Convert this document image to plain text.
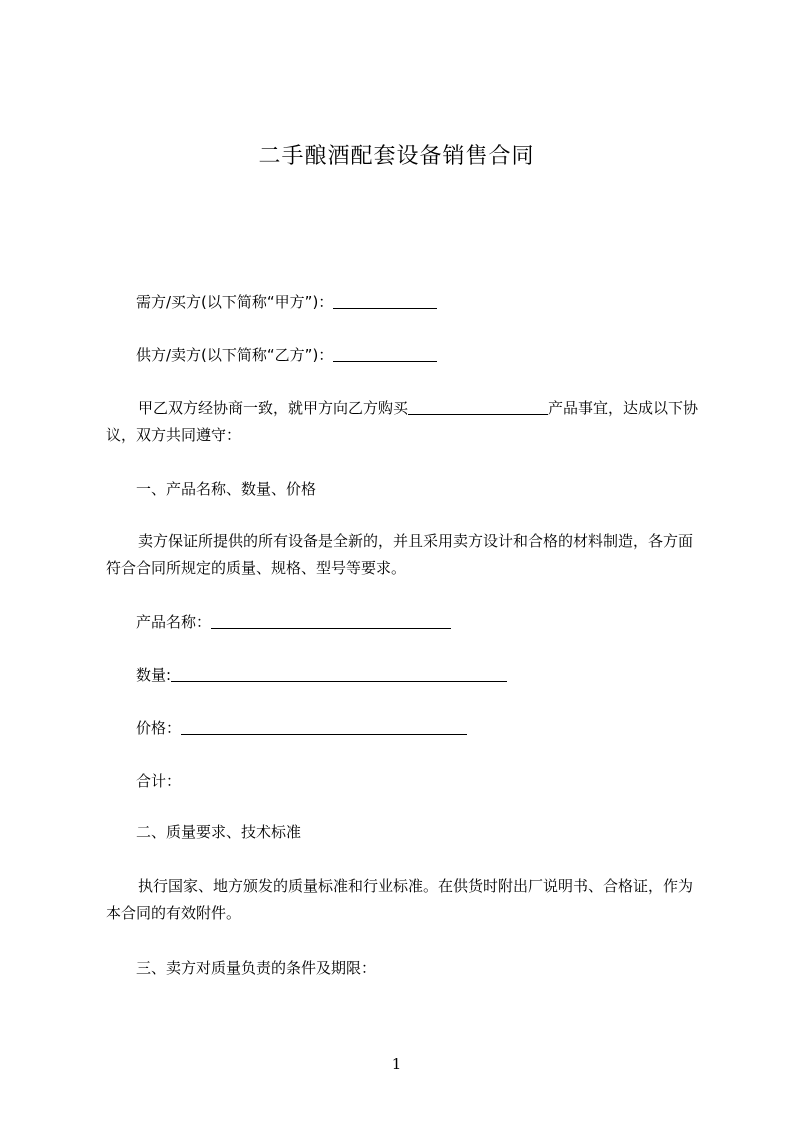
二手酿酒配套设备销售合同
需方/买方(以下简称“甲方”)：
供方/卖方(以下简称“乙方”)：
甲乙双方经协商一致，就甲方向乙方购买	产品事宜，达成以下协议，双方共同遵守：
一、产品名称、数量、价格
卖方保证所提供的所有设备是全新的，并且采用卖方设计和合格的材料制造，各方面符合合同所规定的质量、规格、型号等要求。
产品名称：
数量:
价格：
合计：
二、质量要求、技术标准
执行国家、地方颁发的质量标准和行业标准。在供货时附出厂说明书、合格证，作为本合同的有效附件。
三、卖方对质量负责的条件及期限：
1
